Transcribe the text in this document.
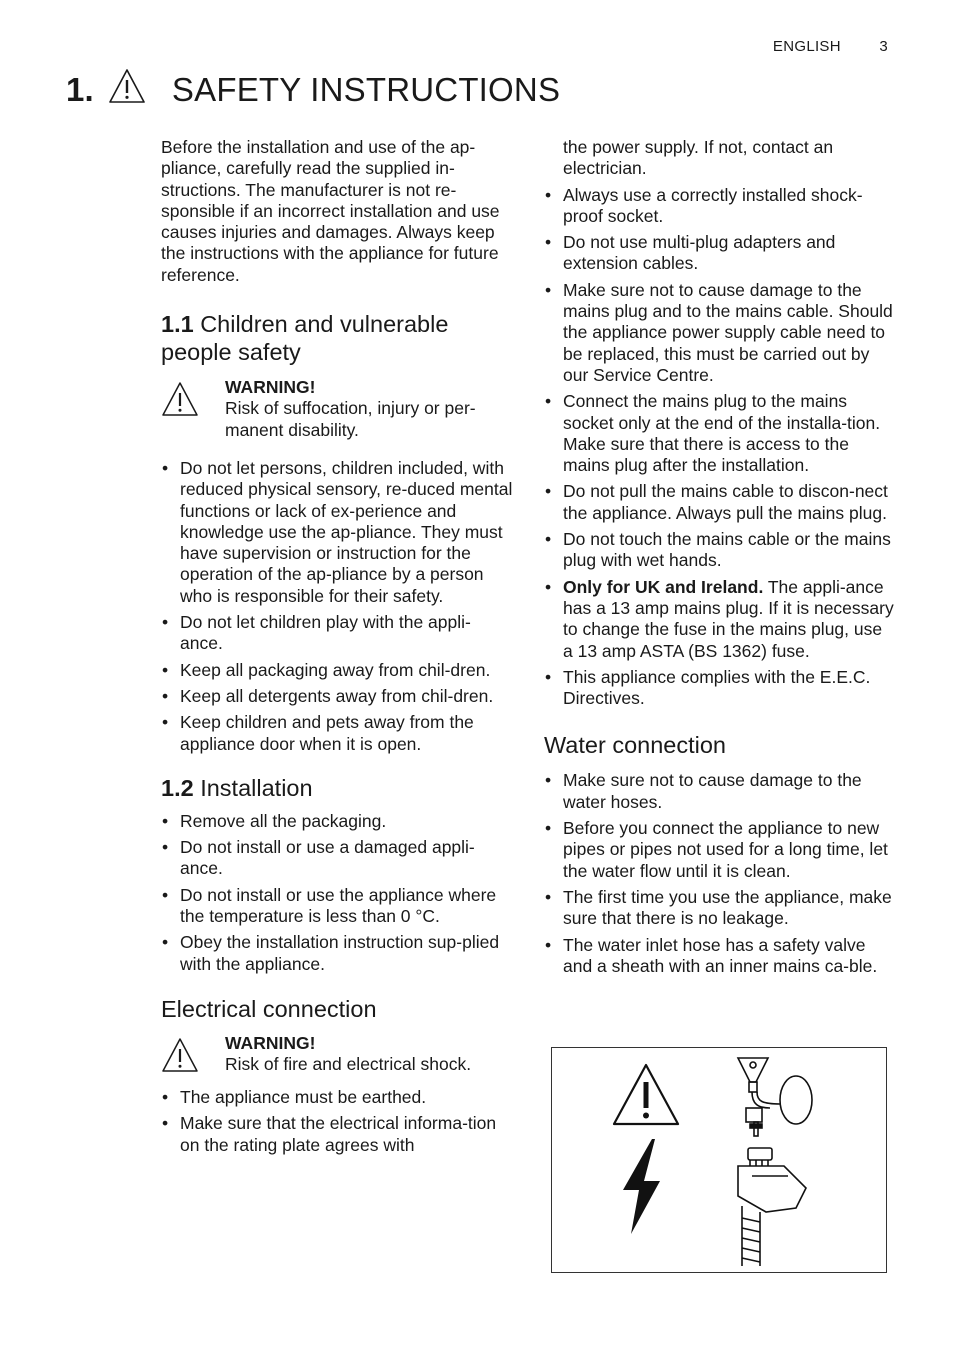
ENGLISH	3
1. SAFETY INSTRUCTIONS

Before the installation and use of the ap-pliance, carefully read the supplied in-structions. The manufacturer is not re-sponsible if an incorrect installation and use causes injuries and damages. Always keep the instructions with the appliance for future reference.

1.1 Children and vulnerable people safety
WARNING!
Risk of suffocation, injury or per-manent disability.
• Do not let persons, children included, with reduced physical sensory, re-duced mental functions or lack of ex-perience and knowledge use the ap-pliance. They must have supervision or instruction for the operation of the ap-pliance by a person who is responsible for their safety.
• Do not let children play with the appli-ance.
• Keep all packaging away from chil-dren.
• Keep all detergents away from chil-dren.
• Keep children and pets away from the appliance door when it is open.
1.2 Installation
• Remove all the packaging.
• Do not install or use a damaged appli-ance.
• Do not install or use the appliance where the temperature is less than 0 °C.
• Obey the installation instruction sup-plied with the appliance.
Electrical connection
WARNING!
Risk of fire and electrical shock.
• The appliance must be earthed.
• Make sure that the electrical informa-tion on the rating plate agrees with

the power supply. If not, contact an electrician.

• Always use a correctly installed shock-proof socket.
• Do not use multi-plug adapters and extension cables.
• Make sure not to cause damage to the mains plug and to the mains cable. Should the appliance power supply cable need to be replaced, this must be carried out by our Service Centre.
• Connect the mains plug to the mains socket only at the end of the installa-tion. Make sure that there is access to the mains plug after the installation.
• Do not pull the mains cable to discon-nect the appliance. Always pull the mains plug.
• Do not touch the mains cable or the mains plug with wet hands.
• Only for UK and Ireland. The appli-ance has a 13 amp mains plug. If it is necessary to change the fuse in the mains plug, use a 13 amp ASTA (BS 1362) fuse.
• This appliance complies with the E.E.C. Directives.
Water connection
• Make sure not to cause damage to the water hoses.
• Before you connect the appliance to new pipes or pipes not used for a long time, let the water flow until it is clean.
• The first time you use the appliance, make sure that there is no leakage.
• The water inlet hose has a safety valve and a sheath with an inner mains ca-ble.
